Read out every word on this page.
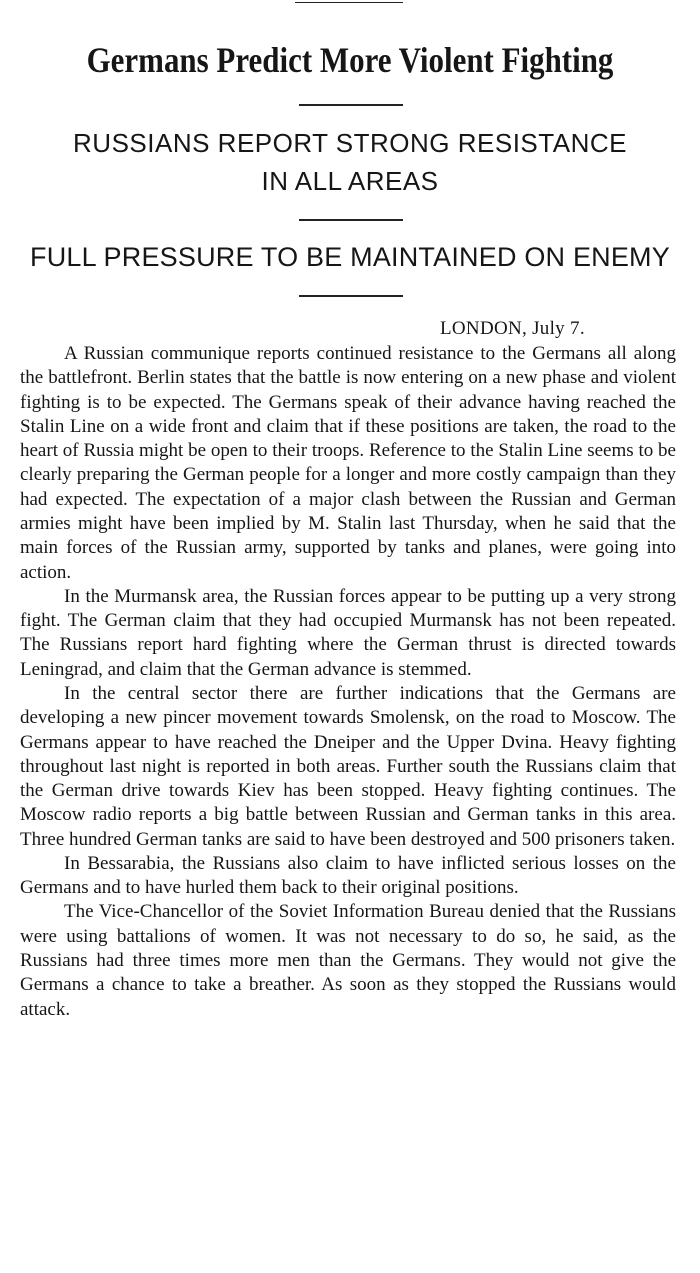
Germans Predict More Violent Fighting
RUSSIANS REPORT STRONG RESISTANCE
IN ALL AREAS
FULL PRESSURE TO BE MAINTAINED ON ENEMY
LONDON, July 7.

A Russian communique reports continued resistance to the Germans all along the battlefront. Berlin states that the battle is now entering on a new phase and violent fighting is to be expected. The Germans speak of their advance having reached the Stalin Line on a wide front and claim that if these positions are taken, the road to the heart of Russia might be open to their troops. Reference to the Stalin Line seems to be clearly preparing the German people for a longer and more costly campaign than they had expected. The expectation of a major clash between the Russian and German armies might have been implied by M. Stalin last Thursday, when he said that the main forces of the Russian army, supported by tanks and planes, were going into action.

In the Murmansk area, the Russian forces appear to be putting up a very strong fight. The German claim that they had occupied Murmansk has not been repeated. The Russians report hard fighting where the German thrust is directed towards Leningrad, and claim that the German advance is stemmed.

In the central sector there are further indications that the Germans are developing a new pincer movement towards Smolensk, on the road to Moscow. The Germans appear to have reached the Dneiper and the Upper Dvina. Heavy fighting throughout last night is reported in both areas. Further south the Russians claim that the German drive towards Kiev has been stopped. Heavy fighting continues. The Moscow radio reports a big battle between Russian and German tanks in this area. Three hundred German tanks are said to have been destroyed and 500 prisoners taken.

In Bessarabia, the Russians also claim to have inflicted serious losses on the Germans and to have hurled them back to their original positions.

The Vice-Chancellor of the Soviet Information Bureau denied that the Russians were using battalions of women. It was not necessary to do so, he said, as the Russians had three times more men than the Germans. They would not give the Germans a chance to take a breather. As soon as they stopped the Russians would attack.
